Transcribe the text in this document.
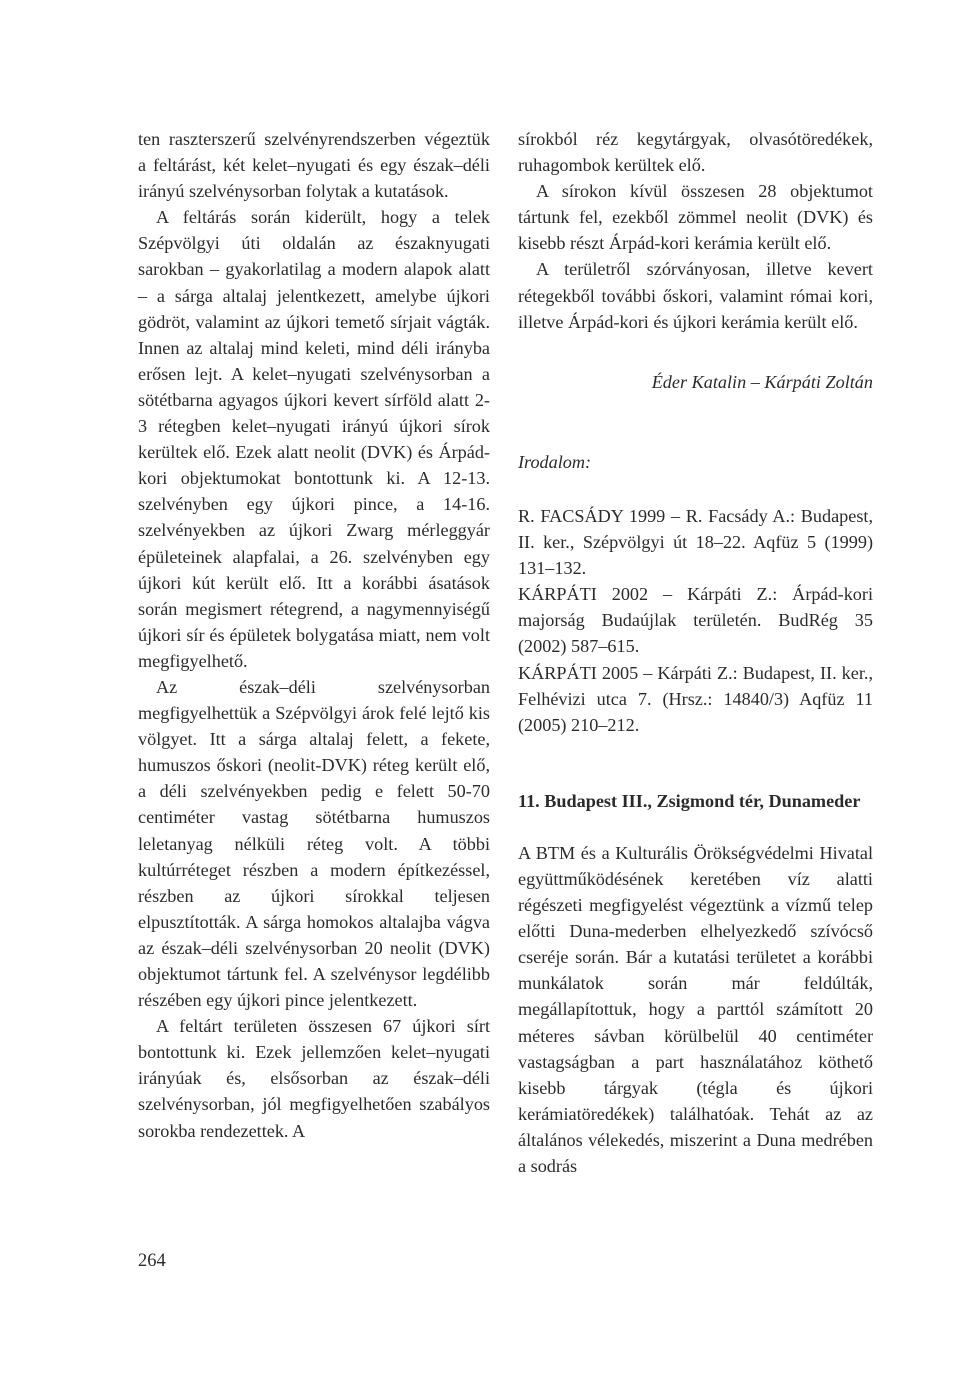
ten raszterszerű szelvényrendszerben végeztük a feltárást, két kelet–nyugati és egy észak–déli irányú szelvénysorban folytak a kutatások.

A feltárás során kiderült, hogy a telek Szépvölgyi úti oldalán az északnyugati sarokban – gyakorlatilag a modern alapok alatt – a sárga altalaj jelentkezett, amelybe újkori gödröt, valamint az újkori temető sírjait vágták. Innen az altalaj mind keleti, mind déli irányba erősen lejt. A kelet–nyugati szelvénysorban a sötétbarna agyagos újkori kevert sírföld alatt 2-3 rétegben kelet–nyugati irányú újkori sírok kerültek elő. Ezek alatt neolit (DVK) és Árpád-kori objektumokat bontottunk ki. A 12-13. szelvényben egy újkori pince, a 14-16. szelvényekben az újkori Zwarg mérleggyár épületeinek alapfalai, a 26. szelvényben egy újkori kút került elő. Itt a korábbi ásatások során megismert rétegrend, a nagymennyiségű újkori sír és épületek bolygatása miatt, nem volt megfigyelhető.

Az észak–déli szelvénysorban megfigyelhettük a Szépvölgyi árok felé lejtő kis völgyet. Itt a sárga altalaj felett, a fekete, humuszos őskori (neolit-DVK) réteg került elő, a déli szelvényekben pedig e felett 50-70 centiméter vastag sötétbarna humuszos leletanyag nélküli réteg volt. A többi kultúrréteget részben a modern építkezéssel, részben az újkori sírokkal teljesen elpusztították. A sárga homokos altalajba vágva az észak–déli szelvénysorban 20 neolit (DVK) objektumot tártunk fel. A szelvénysor legdélibb részében egy újkori pince jelentkezett.

A feltárt területen összesen 67 újkori sírt bontottunk ki. Ezek jellemzően kelet–nyugati irányúak és, elsősorban az észak–déli szelvénysorban, jól megfigyelhetően szabályos sorokba rendezettek. A

sírokból réz kegytárgyak, olvasótöredékek, ruhagombok kerültek elő.

A sírokon kívül összesen 28 objektumot tártunk fel, ezekből zömmel neolit (DVK) és kisebb részt Árpád-kori kerámia került elő.

A területről szórványosan, illetve kevert rétegekből további őskori, valamint római kori, illetve Árpád-kori és újkori kerámia került elő.

Éder Katalin – Kárpáti Zoltán

Irodalom:

R. FACSÁDY 1999 – R. Facsády A.: Budapest, II. ker., Szépvölgyi út 18–22. Aqfüz 5 (1999) 131–132.
KÁRPÁTI 2002 – Kárpáti Z.: Árpád-kori majorság Budaújlak területén. BudRég 35 (2002) 587–615.
KÁRPÁTI 2005 – Kárpáti Z.: Budapest, II. ker., Felhévizi utca 7. (Hrsz.: 14840/3) Aqfüz 11 (2005) 210–212.

11. Budapest III., Zsigmond tér, Dunameder

A BTM és a Kulturális Örökségvédelmi Hivatal együttműködésének keretében víz alatti régészeti megfigyelést végeztünk a vízmű telep előtti Duna-mederben elhelyezkedő szívócső cseréje során. Bár a kutatási területet a korábbi munkálatok során már feldúlták, megállapítottuk, hogy a parttól számított 20 méteres sávban körülbelül 40 centiméter vastagságban a part használatához köthető kisebb tárgyak (tégla és újkori kerámiatöredékek) találhatóak. Tehát az az általános vélekedés, miszerint a Duna medrében a sodrás

264
